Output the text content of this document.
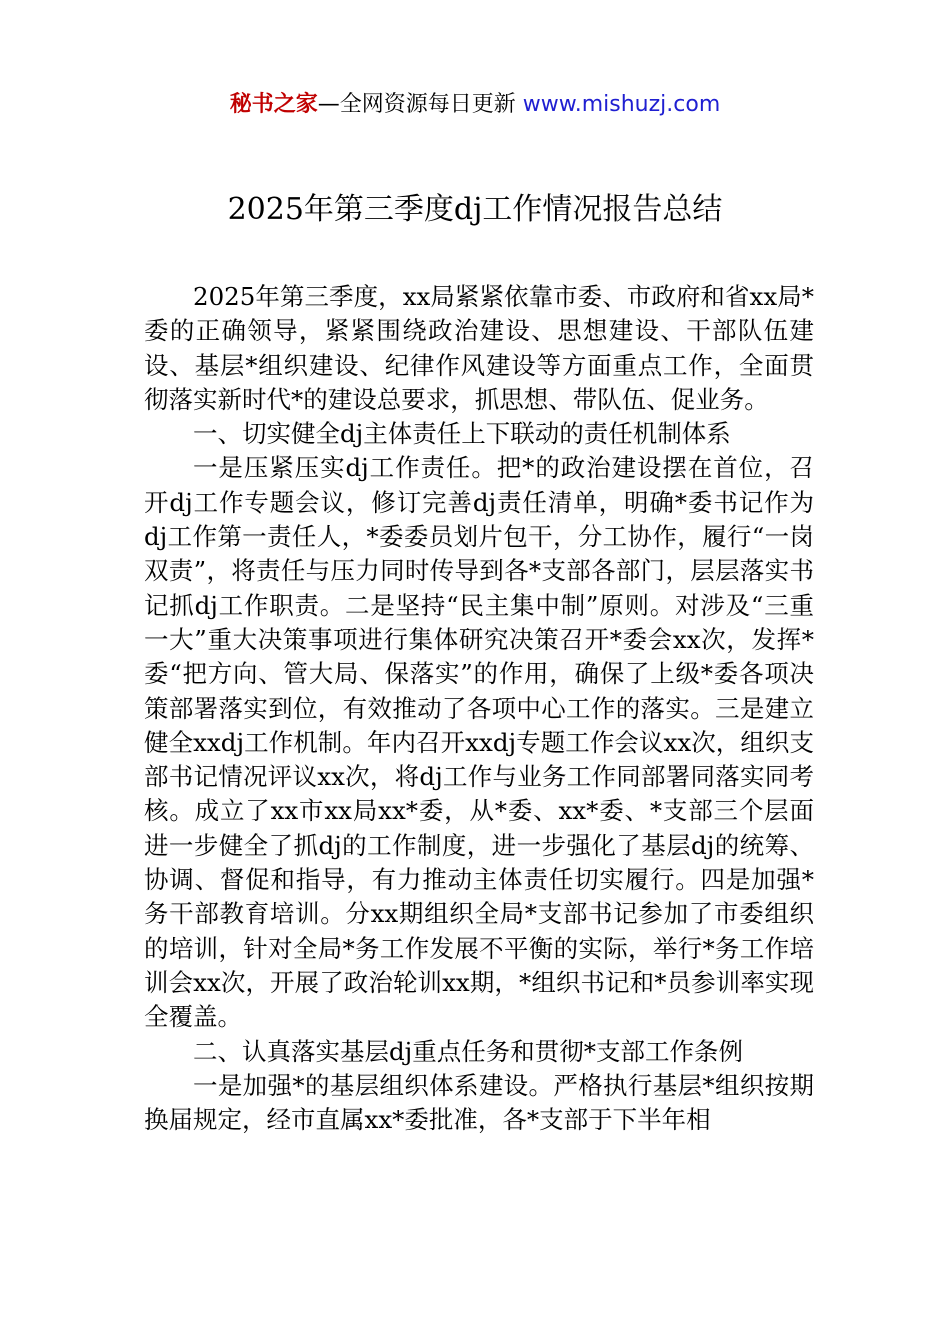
秘书之家—全网资源每日更新 www.mishuzj.com
2025年第三季度dj工作情况报告总结

2025年第三季度，xx局紧紧依靠市委、市政府和省xx局*委的正确领导，紧紧围绕政治建设、思想建设、干部队伍建设、基层*组织建设、纪律作风建设等方面重点工作，全面贯彻落实新时代*的建设总要求，抓思想、带队伍、促业务。

一、切实健全dj主体责任上下联动的责任机制体系

一是压紧压实dj工作责任。把*的政治建设摆在首位，召开dj工作专题会议，修订完善dj责任清单，明确*委书记作为dj工作第一责任人，*委委员划片包干，分工协作，履行“一岗双责”，将责任与压力同时传导到各*支部各部门，层层落实书记抓dj工作职责。二是坚持“民主集中制”原则。对涉及“三重一大”重大决策事项进行集体研究决策召开*委会xx次，发挥*委“把方向、管大局、保落实”的作用，确保了上级*委各项决策部署落实到位，有效推动了各项中心工作的落实。三是建立健全xxdj工作机制。年内召开xxdj专题工作会议xx次，组织支部书记情况评议xx次，将dj工作与业务工作同部署同落实同考核。成立了xx市xx局xx*委，从*委、xx*委、*支部三个层面进一步健全了抓dj的工作制度，进一步强化了基层dj的统筹、协调、督促和指导，有力推动主体责任切实履行。四是加强*务干部教育培训。分xx期组织全局*支部书记参加了市委组织的培训，针对全局*务工作发展不平衡的实际，举行*务工作培训会xx次，开展了政治轮训xx期，*组织书记和*员参训率实现全覆盖。

二、认真落实基层dj重点任务和贯彻*支部工作条例

一是加强*的基层组织体系建设。严格执行基层*组织按期换届规定，经市直属xx*委批准，各*支部于下半年相
